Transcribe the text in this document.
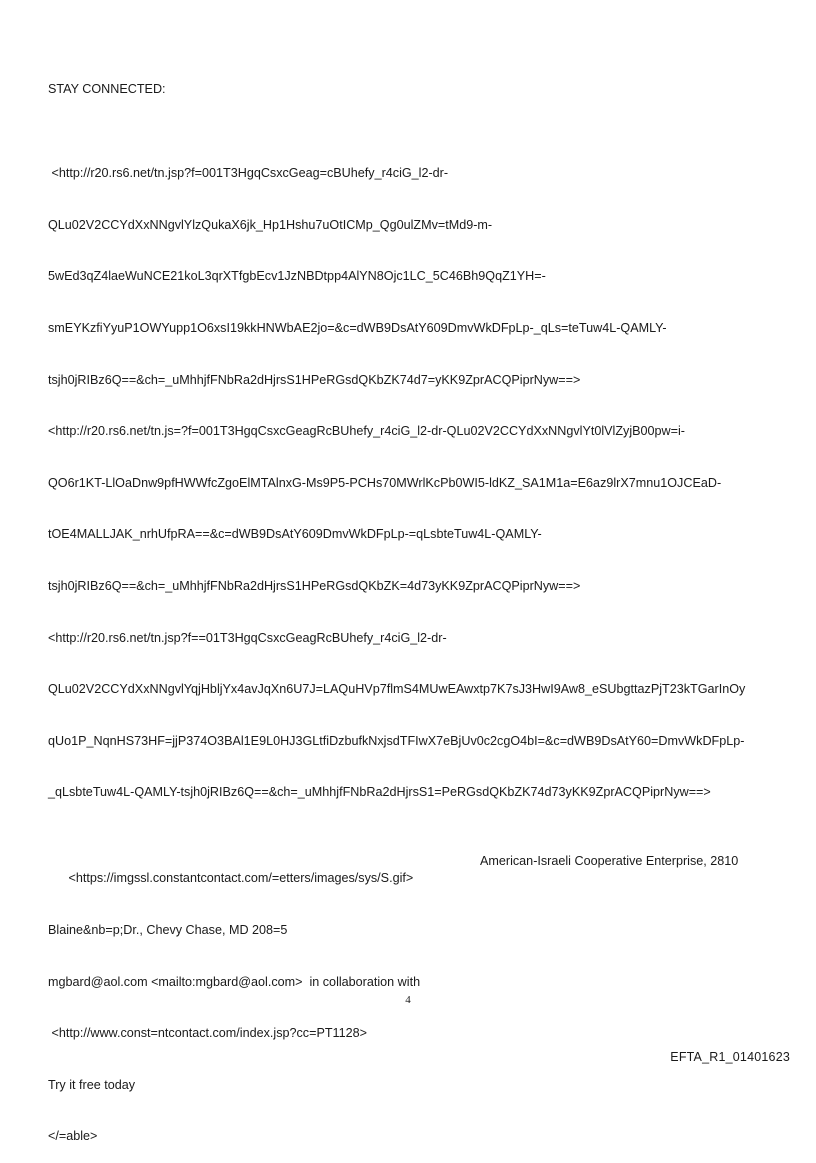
STAY CONNECTED:

<http://r20.rs6.net/tn.jsp?f=001T3HgqCsxcGeag=cBUhefy_r4ciG_l2-dr-

QLu02V2CCYdXxNNgvlYlzQukaX6jk_Hp1Hshu7uOtICMp_Qg0ulZMv=tMd9-m-

5wEd3qZ4laeWuNCE21koL3qrXTfgbEcv1JzNBDtpp4AlYN8Ojc1LC_5C46Bh9QqZ1YH=-

smEYKzfiYyuP1OWYupp1O6xsI19kkHNWbAE2jo=&c=dWB9DsAtY609DmvWkDFpLp-_qLs=teTuw4L-QAMLY-

tsjh0jRIBz6Q==&ch=_uMhhjfFNbRa2dHjrsS1HPeRGsdQKbZK74d7=yKK9ZprACQPiprNyw==>

<http://r20.rs6.net/tn.js=?f=001T3HgqCsxcGeagRcBUhefy_r4ciG_l2-dr-QLu02V2CCYdXxNNgvlYt0lVlZyjB00pw=i-

QO6r1KT-LlOaDnw9pfHWWfcZgoElMTAlnxG-Ms9P5-PCHs70MWrlKcPb0WI5-ldKZ_SA1M1a=E6az9lrX7mnu1OJCEaD-

tOE4MALLJAK_nrhUfpRA==&c=dWB9DsAtY609DmvWkDFpLp-=qLsbteTuw4L-QAMLY-

tsjh0jRIBz6Q==&ch=_uMhhjfFNbRa2dHjrsS1HPeRGsdQKbZK=4d73yKK9ZprACQPiprNyw==>

<http://r20.rs6.net/tn.jsp?f==01T3HgqCsxcGeagRcBUhefy_r4ciG_l2-dr-

QLu02V2CCYdXxNNgvlYqjHbljYx4avJqXn6U7J=LAQuHVp7flmS4MUwEAwxtp7K7sJ3HwI9Aw8_eSUbgttazPjT23kTGarInOy

qUo1P_NqnHS73HF=jjP374O3BAl1E9L0HJ3GLtfiDzbufkNxjsdTFIwX7eBjUv0c2cgO4bI=&c=dWB9DsAtY60=DmvWkDFpLp-

_qLsbteTuw4L-QAMLY-tsjh0jRIBz6Q==&ch=_uMhhjfFNbRa2dHjrsS1=PeRGsdQKbZK74d73yKK9ZprACQPiprNyw==>

<https://imgssl.constantcontact.com/=etters/images/sys/S.gif>

American-Israeli Cooperative Enterprise, 2810

Blaine&nb=p;Dr., Chevy Chase, MD 208=5

mgbard@aol.com <mailto:mgbard@aol.com>  in collaboration with

<http://www.const=ntcontact.com/index.jsp?cc=PT1128>

Try it free today

</=able>

4
EFTA_R1_01401623
